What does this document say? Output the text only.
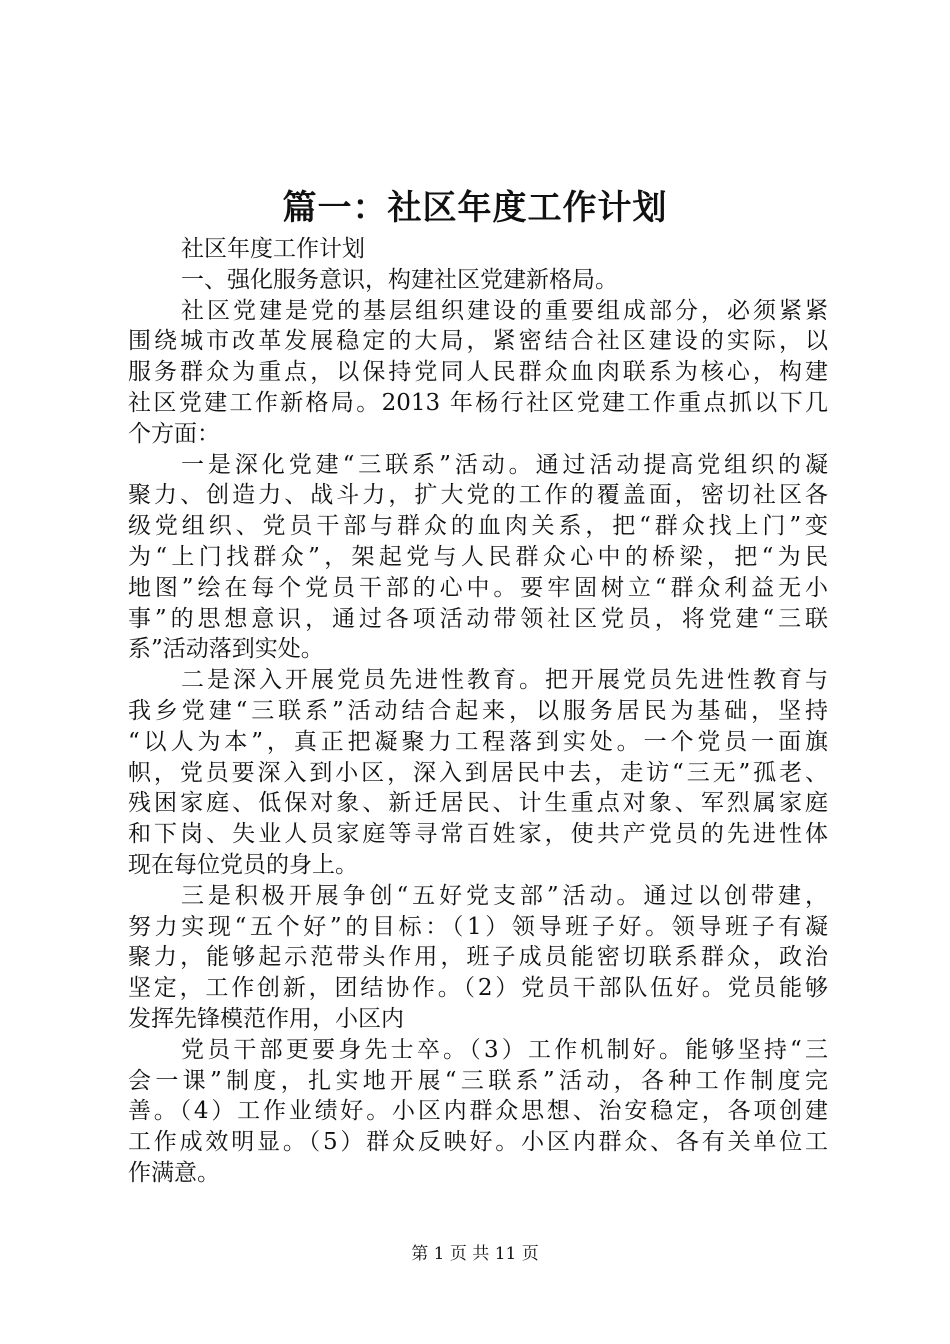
篇一：社区年度工作计划
社区年度工作计划
一、强化服务意识，构建社区党建新格局。
社区党建是党的基层组织建设的重要组成部分，必须紧紧
围绕城市改革发展稳定的大局，紧密结合社区建设的实际，以
服务群众为重点，以保持党同人民群众血肉联系为核心，构建
社区党建工作新格局。2013 年杨行社区党建工作重点抓以下几
个方面：
一是深化党建“三联系”活动。通过活动提高党组织的凝
聚力、创造力、战斗力，扩大党的工作的覆盖面，密切社区各
级党组织、党员干部与群众的血肉关系，把“群众找上门”变
为“上门找群众”，架起党与人民群众心中的桥梁，把“为民
地图”绘在每个党员干部的心中。要牢固树立“群众利益无小
事”的思想意识，通过各项活动带领社区党员，将党建“三联
系”活动落到实处。
二是深入开展党员先进性教育。把开展党员先进性教育与
我乡党建“三联系”活动结合起来，以服务居民为基础，坚持
“以人为本”，真正把凝聚力工程落到实处。一个党员一面旗
帜，党员要深入到小区，深入到居民中去，走访“三无”孤老、
残困家庭、低保对象、新迁居民、计生重点对象、军烈属家庭
和下岗、失业人员家庭等寻常百姓家，使共产党员的先进性体
现在每位党员的身上。
三是积极开展争创“五好党支部”活动。通过以创带建，
努力实现“五个好”的目标：（1）领导班子好。领导班子有凝
聚力，能够起示范带头作用，班子成员能密切联系群众，政治
坚定，工作创新，团结协作。（2）党员干部队伍好。党员能够
发挥先锋模范作用，小区内
党员干部更要身先士卒。（3）工作机制好。能够坚持“三
会一课”制度，扎实地开展“三联系”活动，各种工作制度完
善。（4）工作业绩好。小区内群众思想、治安稳定，各项创建
工作成效明显。（5）群众反映好。小区内群众、各有关单位工
作满意。
第 1 页 共 11 页
